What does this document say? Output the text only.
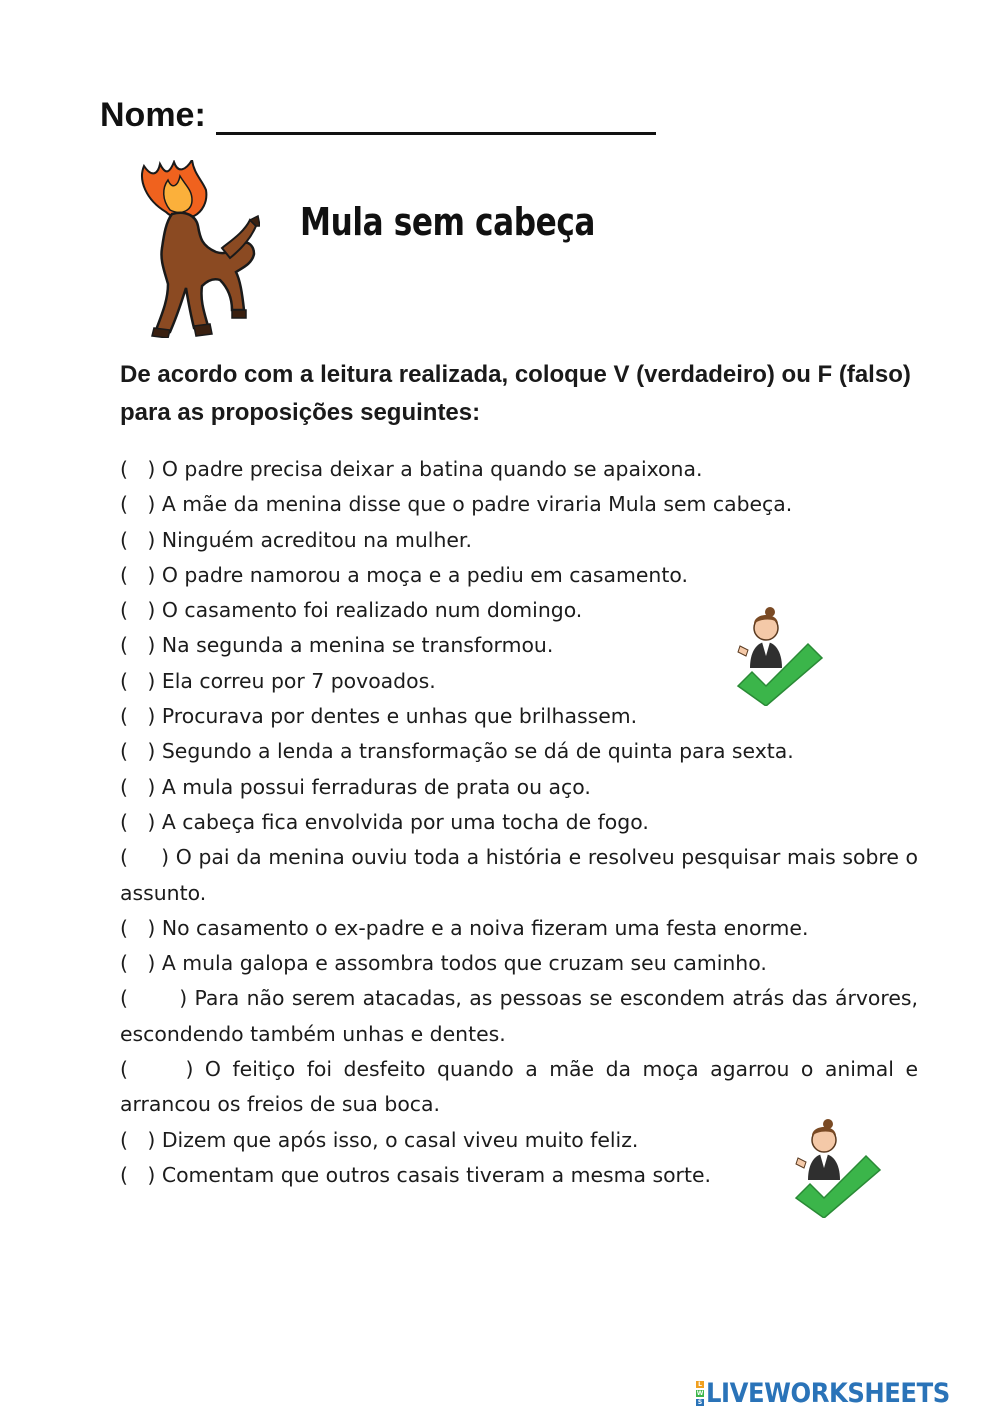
Nome:
Mula sem cabeça
De acordo com a leitura realizada, coloque V (verdadeiro) ou F (falso) para as proposições seguintes:

(   ) O padre precisa deixar a batina quando se apaixona.

(   ) A mãe da menina disse que o padre viraria Mula sem cabeça.

(   ) Ninguém acreditou na mulher.

(   ) O padre namorou a moça e a pediu em casamento.

(   ) O casamento foi realizado num domingo.

(   ) Na segunda a menina se transformou.

(   ) Ela correu por 7 povoados.

(   ) Procurava por dentes e unhas que brilhassem.

(   ) Segundo a lenda a transformação se dá de quinta para sexta.

(   ) A mula possui ferraduras de prata ou aço.

(   ) A cabeça fica envolvida por uma tocha de fogo.

(     ) O pai da menina ouviu toda a história e resolveu pesquisar mais sobre o assunto.

(   ) No casamento o ex-padre e a noiva fizeram uma festa enorme.

(   ) A mula galopa e assombra todos que cruzam seu caminho.

(       ) Para não serem atacadas, as pessoas se escondem atrás das árvores, escondendo também unhas e dentes.

(     ) O feitiço foi desfeito quando a mãe da moça agarrou o animal e arrancou os freios de sua boca.

(   ) Dizem que após isso, o casal viveu muito feliz.

(   ) Comentam que outros casais tiveram a mesma sorte.

L
W
S LIVEWORKSHEETS
